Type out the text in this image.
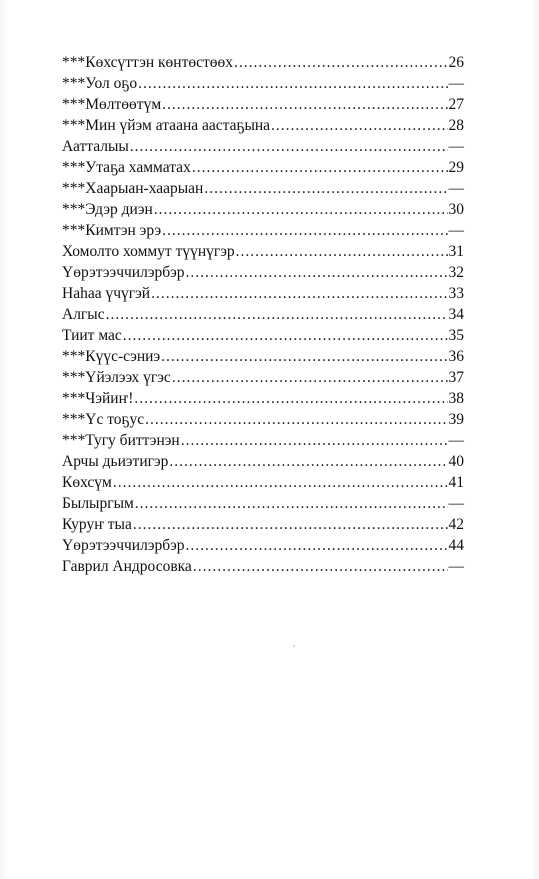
***Көхсүттэн көнтөстөөх .....	26
***Уол оҕо .....	—
***Мөлтөөтүм .....	27
***Мин үйэм атаана аастаҕына .....	28
Аатталыы .....	—
***Утаҕа хамматах .....	29
***Хаарыан-хаарыан .....	—
***Эдэр диэн .....	30
***Кимтэн эрэ .....	—
Хомолто хоммут түүнүгэр .....	31
Үөрэтээччилэрбэр .....	32
Наһаа үчүгэй .....	33
Алгыс .....	34
Тиит мас .....	35
***Күүс-сэниэ .....	36
***Үйэлээх үгэс .....	37
***Чэйиҥ! .....	38
***Үс тоҕус .....	39
***Тугу биттэнэн .....	—
Арчы дьиэтигэр .....	40
Көхсүм .....	41
Былыргым .....	—
Куруҥ тыа .....	42
Үөрэтээччилэрбэр .....	44
Гаврил Андросовка .....	—
